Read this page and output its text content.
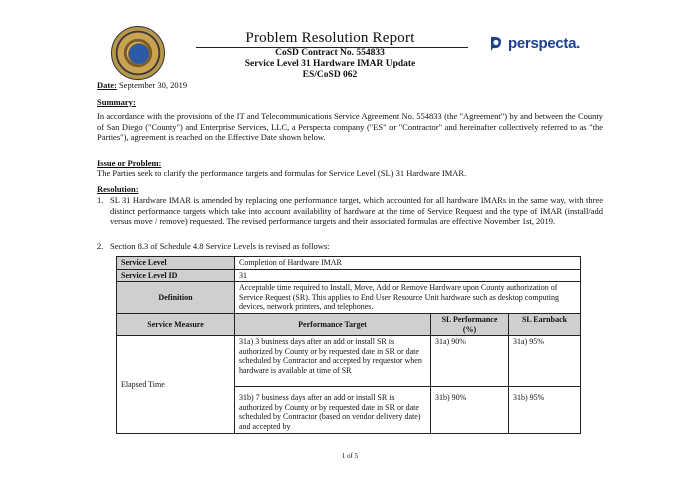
Problem Resolution Report
CoSD Contract No. 554833
Service Level 31 Hardware IMAR Update
ES/CoSD 062
perspecta.
Date: September 30, 2019
Summary:
In accordance with the provisions of the IT and Telecommunications Service Agreement No. 554833 (the "Agreement") by and between the County of San Diego ("County") and Enterprise Services, LLC, a Perspecta company ("ES" or "Contractor" and hereinafter collectively referred to as "the Parties"), agreement is reached on the Effective Date shown below.
Issue or Problem:
The Parties seek to clarify the performance targets and formulas for Service Level (SL) 31 Hardware IMAR.
Resolution:
1. SL 31 Hardware IMAR is amended by replacing one performance target, which accounted for all hardware IMARs in the same way, with three distinct performance targets which take into account availability of hardware at the time of Service Request and the type of IMAR (install/add versus move / remove) requested. The revised performance targets and their associated formulas are effective November 1st, 2019.
2. Section 8.3 of Schedule 4.8 Service Levels is revised as follows:
Service Level	Completion of Hardware IMAR		
Service Level ID	31		
Definition	Acceptable time required to Install, Move, Add or Remove Hardware upon County authorization of Service Request (SR). This applies to End User Resource Unit hardware such as desktop computing devices, network printers, and telephones.		
Service Measure	Performance Target	SL Performance (%)	SL Earnback
Elapsed Time	31a) 3 business days after an add or install SR is authorized by County or by requested date in SR or date scheduled by Contractor and accepted by requestor when hardware is available at time of SR	31a) 90%	31a) 95%
	31b) 7 business days after an add or install SR is authorized by County or by requested date in SR or date scheduled by Contractor (based on vendor delivery date) and accepted by	31b) 90%	31b) 95%
1 of 5
